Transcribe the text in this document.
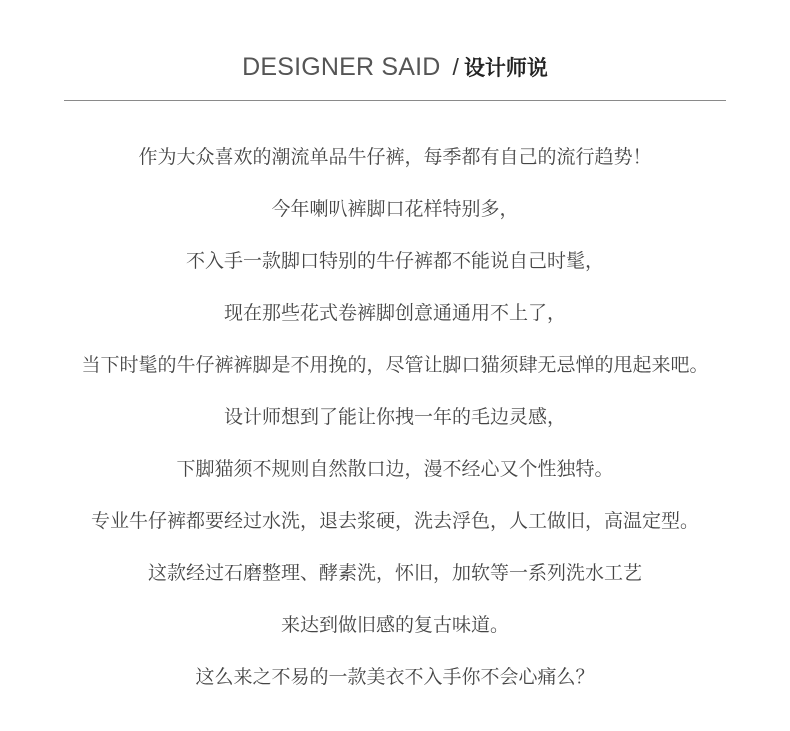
DESIGNER SAID / 设计师说
作为大众喜欢的潮流单品牛仔裤，每季都有自己的流行趋势！
今年喇叭裤脚口花样特别多，
不入手一款脚口特别的牛仔裤都不能说自己时髦，
现在那些花式卷裤脚创意通通用不上了，
当下时髦的牛仔裤裤脚是不用挽的，尽管让脚口猫须肆无忌惮的甩起来吧。
设计师想到了能让你拽一年的毛边灵感，
下脚猫须不规则自然散口边，漫不经心又个性独特。
专业牛仔裤都要经过水洗，退去浆硬，洗去浮色，人工做旧，高温定型。
这款经过石磨整理、酵素洗，怀旧，加软等一系列洗水工艺
来达到做旧感的复古味道。
这么来之不易的一款美衣不入手你不会心痛么？
